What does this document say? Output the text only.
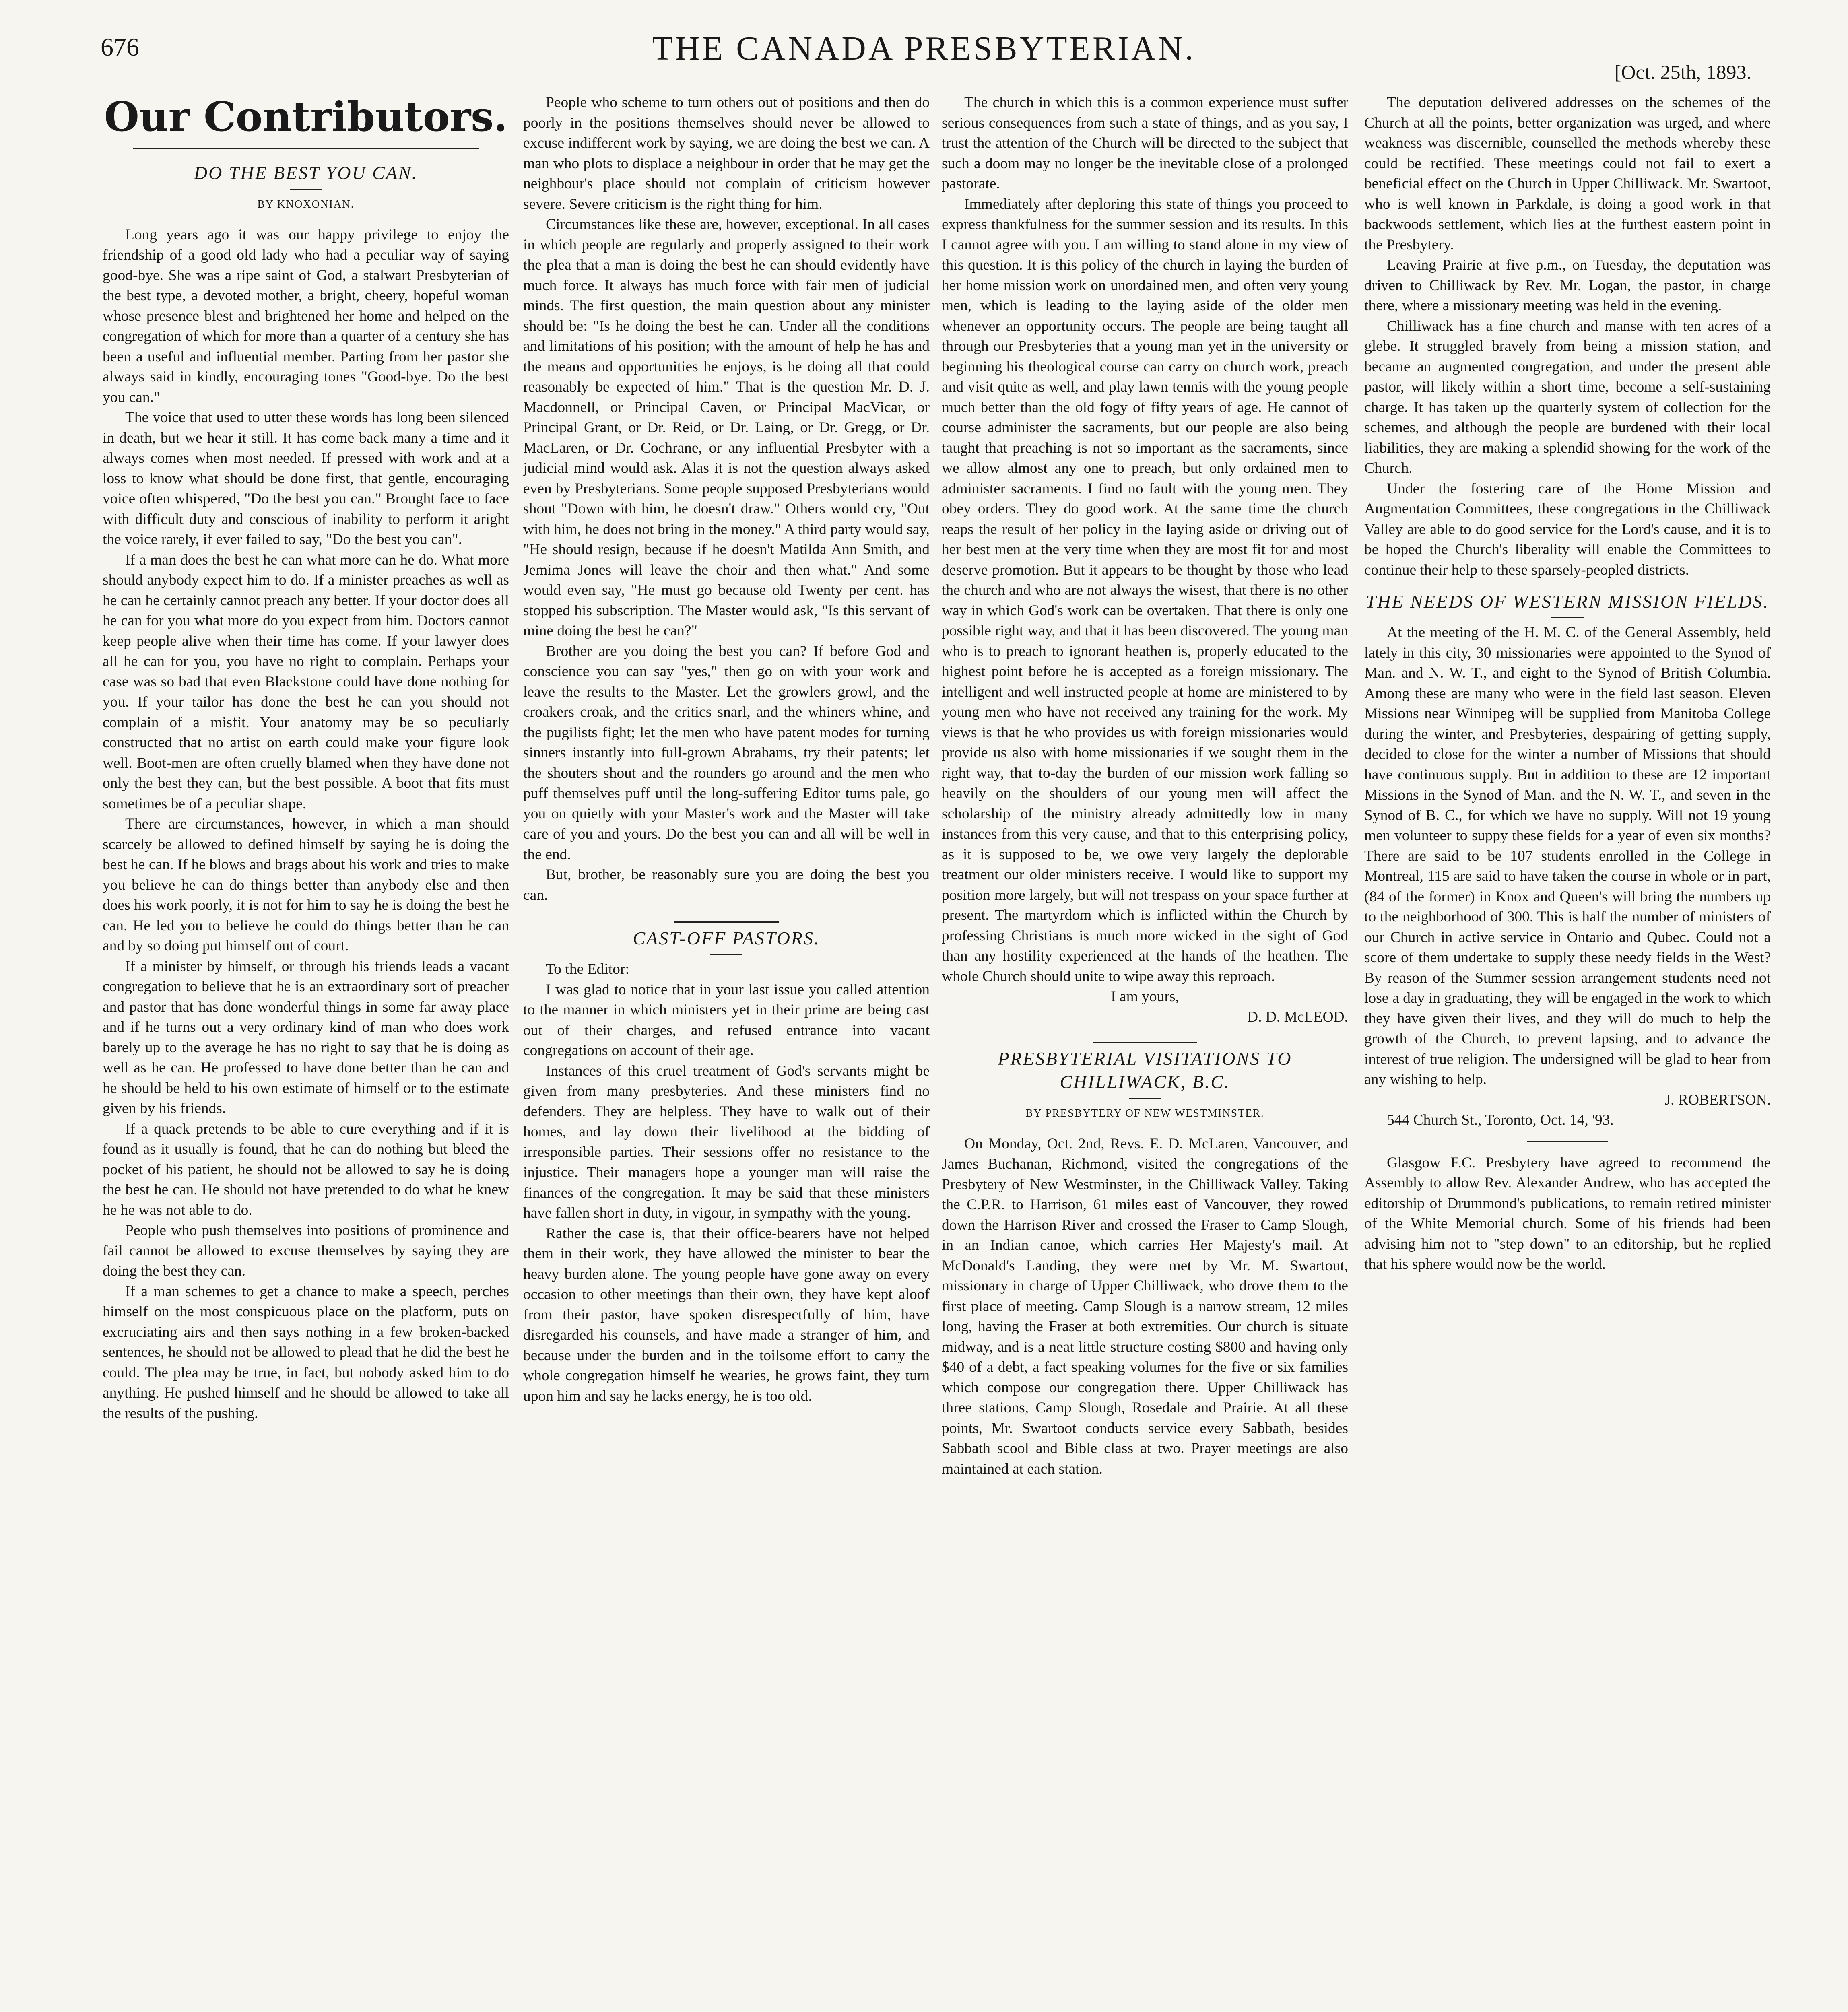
676	THE CANADA PRESBYTERIAN.
[Oct. 25th, 1893.
Our Contributors.
DO THE BEST YOU CAN.
BY KNOXONIAN.

Long years ago it was our happy privilege to enjoy the friendship of a good old lady who had a peculiar way of saying good-bye. She was a ripe saint of God, a stalwart Presbyterian of the best type, a devoted mother, a bright, cheery, hopeful woman whose presence blest and brightened her home and helped on the congregation of which for more than a quarter of a century she has been a useful and influential member. Parting from her pastor she always said in kindly, encouraging tones "Good-bye. Do the best you can."

The voice that used to utter these words has long been silenced in death, but we hear it still. It has come back many a time and it always comes when most needed. If pressed with work and at a loss to know what should be done first, that gentle, encouraging voice often whispered, "Do the best you can." Brought face to face with difficult duty and conscious of inability to perform it aright the voice rarely, if ever failed to say, "Do the best you can".

If a man does the best he can what more can he do. What more should anybody expect him to do. If a minister preaches as well as he can he certainly cannot preach any better. If your doctor does all he can for you what more do you expect from him. Doctors cannot keep people alive when their time has come. If your lawyer does all he can for you, you have no right to complain. Perhaps your case was so bad that even Blackstone could have done nothing for you. If your tailor has done the best he can you should not complain of a misfit. Your anatomy may be so peculiarly constructed that no artist on earth could make your figure look well. Boot-men are often cruelly blamed when they have done not only the best they can, but the best possible. A boot that fits must sometimes be of a peculiar shape.

There are circumstances, however, in which a man should scarcely be allowed to defined himself by saying he is doing the best he can. If he blows and brags about his work and tries to make you believe he can do things better than anybody else and then does his work poorly, it is not for him to say he is doing the best he can. He led you to believe he could do things better than he can and by so doing put himself out of court.

If a minister by himself, or through his friends leads a vacant congregation to believe that he is an extraordinary sort of preacher and pastor that has done wonderful things in some far away place and if he turns out a very ordinary kind of man who does work barely up to the average he has no right to say that he is doing as well as he can. He professed to have done better than he can and he should be held to his own estimate of himself or to the estimate given by his friends.

If a quack pretends to be able to cure everything and if it is found as it usually is found, that he can do nothing but bleed the pocket of his patient, he should not be allowed to say he is doing the best he can. He should not have pretended to do what he knew he he was not able to do.

People who push themselves into positions of prominence and fail cannot be allowed to excuse themselves by saying they are doing the best they can.

If a man schemes to get a chance to make a speech, perches himself on the most conspicuous place on the platform, puts on excruciating airs and then says nothing in a few broken-backed sentences, he should not be allowed to plead that he did the best he could. The plea may be true, in fact, but nobody asked him to do anything. He pushed himself and he should be allowed to take all the results of the pushing.

People who scheme to turn others out of positions and then do poorly in the positions themselves should never be allowed to excuse indifferent work by saying, we are doing the best we can. A man who plots to displace a neighbour in order that he may get the neighbour's place should not complain of criticism however severe. Severe criticism is the right thing for him.

Circumstances like these are, however, exceptional. In all cases in which people are regularly and properly assigned to their work the plea that a man is doing the best he can should evidently have much force. It always has much force with fair men of judicial minds. The first question, the main question about any minister should be: "Is he doing the best he can. Under all the conditions and limitations of his position; with the amount of help he has and the means and opportunities he enjoys, is he doing all that could reasonably be expected of him." That is the question Mr. D. J. Macdonnell, or Principal Caven, or Principal MacVicar, or Principal Grant, or Dr. Reid, or Dr. Laing, or Dr. Gregg, or Dr. MacLaren, or Dr. Cochrane, or any influential Presbyter with a judicial mind would ask. Alas it is not the question always asked even by Presbyterians. Some people supposed Presbyterians would shout "Down with him, he doesn't draw." Others would cry, "Out with him, he does not bring in the money." A third party would say, "He should resign, because if he doesn't Matilda Ann Smith, and Jemima Jones will leave the choir and then what." And some would even say, "He must go because old Twenty per cent. has stopped his subscription. The Master would ask, "Is this servant of mine doing the best he can?"

Brother are you doing the best you can? If before God and conscience you can say "yes," then go on with your work and leave the results to the Master. Let the growlers growl, and the croakers croak, and the critics snarl, and the whiners whine, and the pugilists fight; let the men who have patent modes for turning sinners instantly into full-grown Abrahams, try their patents; let the shouters shout and the rounders go around and the men who puff themselves puff until the long-suffering Editor turns pale, go you on quietly with your Master's work and the Master will take care of you and yours. Do the best you can and all will be well in the end.

But, brother, be reasonably sure you are doing the best you can.

CAST-OFF PASTORS.

To the Editor:

I was glad to notice that in your last issue you called attention to the manner in which ministers yet in their prime are being cast out of their charges, and refused entrance into vacant congregations on account of their age.

Instances of this cruel treatment of God's servants might be given from many presbyteries. And these ministers find no defenders. They are helpless. They have to walk out of their homes, and lay down their livelihood at the bidding of irresponsible parties. Their sessions offer no resistance to the injustice. Their managers hope a younger man will raise the finances of the congregation. It may be said that these ministers have fallen short in duty, in vigour, in sympathy with the young.

Rather the case is, that their office-bearers have not helped them in their work, they have allowed the minister to bear the heavy burden alone. The young people have gone away on every occasion to other meetings than their own, they have kept aloof from their pastor, have spoken disrespectfully of him, have disregarded his counsels, and have made a stranger of him, and because under the burden and in the toilsome effort to carry the whole congregation himself he wearies, he grows faint, they turn upon him and say he lacks energy, he is too old.

The church in which this is a common experience must suffer serious consequences from such a state of things, and as you say, I trust the attention of the Church will be directed to the subject that such a doom may no longer be the inevitable close of a prolonged pastorate.

Immediately after deploring this state of things you proceed to express thankfulness for the summer session and its results. In this I cannot agree with you. I am willing to stand alone in my view of this question. It is this policy of the church in laying the burden of her home mission work on unordained men, and often very young men, which is leading to the laying aside of the older men whenever an opportunity occurs. The people are being taught all through our Presbyteries that a young man yet in the university or beginning his theological course can carry on church work, preach and visit quite as well, and play lawn tennis with the young people much better than the old fogy of fifty years of age. He cannot of course administer the sacraments, but our people are also being taught that preaching is not so important as the sacraments, since we allow almost any one to preach, but only ordained men to administer sacraments. I find no fault with the young men. They obey orders. They do good work. At the same time the church reaps the result of her policy in the laying aside or driving out of her best men at the very time when they are most fit for and most deserve promotion. But it appears to be thought by those who lead the church and who are not always the wisest, that there is no other way in which God's work can be overtaken. That there is only one possible right way, and that it has been discovered. The young man who is to preach to ignorant heathen is, properly educated to the highest point before he is accepted as a foreign missionary. The intelligent and well instructed people at home are ministered to by young men who have not received any training for the work. My views is that he who provides us with foreign missionaries would provide us also with home missionaries if we sought them in the right way, that to-day the burden of our mission work falling so heavily on the shoulders of our young men will affect the scholarship of the ministry already admittedly low in many instances from this very cause, and that to this enterprising policy, as it is supposed to be, we owe very largely the deplorable treatment our older ministers receive. I would like to support my position more largely, but will not trespass on your space further at present. The martyrdom which is inflicted within the Church by professing Christians is much more wicked in the sight of God than any hostility experienced at the hands of the heathen. The whole Church should unite to wipe away this reproach.

I am yours,

D. D. McLEOD.

PRESBYTERIAL VISITATIONS TO CHILLIWACK, B.C.
BY PRESBYTERY OF NEW WESTMINSTER.

On Monday, Oct. 2nd, Revs. E. D. McLaren, Vancouver, and James Buchanan, Richmond, visited the congregations of the Presbytery of New Westminster, in the Chilliwack Valley. Taking the C.P.R. to Harrison, 61 miles east of Vancouver, they rowed down the Harrison River and crossed the Fraser to Camp Slough, in an Indian canoe, which carries Her Majesty's mail. At McDonald's Landing, they were met by Mr. M. Swartout, missionary in charge of Upper Chilliwack, who drove them to the first place of meeting. Camp Slough is a narrow stream, 12 miles long, having the Fraser at both extremities. Our church is situate midway, and is a neat little structure costing $800 and having only $40 of a debt, a fact speaking volumes for the five or six families which compose our congregation there. Upper Chilliwack has three stations, Camp Slough, Rosedale and Prairie. At all these points, Mr. Swartoot conducts service every Sabbath, besides Sabbath scool and Bible class at two. Prayer meetings are also maintained at each station.

The deputation delivered addresses on the schemes of the Church at all the points, better organization was urged, and where weakness was discernible, counselled the methods whereby these could be rectified. These meetings could not fail to exert a beneficial effect on the Church in Upper Chilliwack. Mr. Swartoot, who is well known in Parkdale, is doing a good work in that backwoods settlement, which lies at the furthest eastern point in the Presbytery.

Leaving Prairie at five p.m., on Tuesday, the deputation was driven to Chilliwack by Rev. Mr. Logan, the pastor, in charge there, where a missionary meeting was held in the evening.

Chilliwack has a fine church and manse with ten acres of a glebe. It struggled bravely from being a mission station, and became an augmented congregation, and under the present able pastor, will likely within a short time, become a self-sustaining charge. It has taken up the quarterly system of collection for the schemes, and although the people are burdened with their local liabilities, they are making a splendid showing for the work of the Church.

Under the fostering care of the Home Mission and Augmentation Committees, these congregations in the Chilliwack Valley are able to do good service for the Lord's cause, and it is to be hoped the Church's liberality will enable the Committees to continue their help to these sparsely-peopled districts.

THE NEEDS OF WESTERN MISSION FIELDS.

At the meeting of the H. M. C. of the General Assembly, held lately in this city, 30 missionaries were appointed to the Synod of Man. and N. W. T., and eight to the Synod of British Columbia. Among these are many who were in the field last season. Eleven Missions near Winnipeg will be supplied from Manitoba College during the winter, and Presbyteries, despairing of getting supply, decided to close for the winter a number of Missions that should have continuous supply. But in addition to these are 12 important Missions in the Synod of Man. and the N. W. T., and seven in the Synod of B. C., for which we have no supply. Will not 19 young men volunteer to suppy these fields for a year of even six months? There are said to be 107 students enrolled in the College in Montreal, 115 are said to have taken the course in whole or in part, (84 of the former) in Knox and Queen's will bring the numbers up to the neighborhood of 300. This is half the number of ministers of our Church in active service in Ontario and Qubec. Could not a score of them undertake to supply these needy fields in the West? By reason of the Summer session arrangement students need not lose a day in graduating, they will be engaged in the work to which they have given their lives, and they will do much to help the growth of the Church, to prevent lapsing, and to advance the interest of true religion. The undersigned will be glad to hear from any wishing to help.

J. ROBERTSON.

544 Church St., Toronto, Oct. 14, '93.

Glasgow F.C. Presbytery have agreed to recommend the Assembly to allow Rev. Alexander Andrew, who has accepted the editorship of Drummond's publications, to remain retired minister of the White Memorial church. Some of his friends had been advising him not to "step down" to an editorship, but he replied that his sphere would now be the world.
